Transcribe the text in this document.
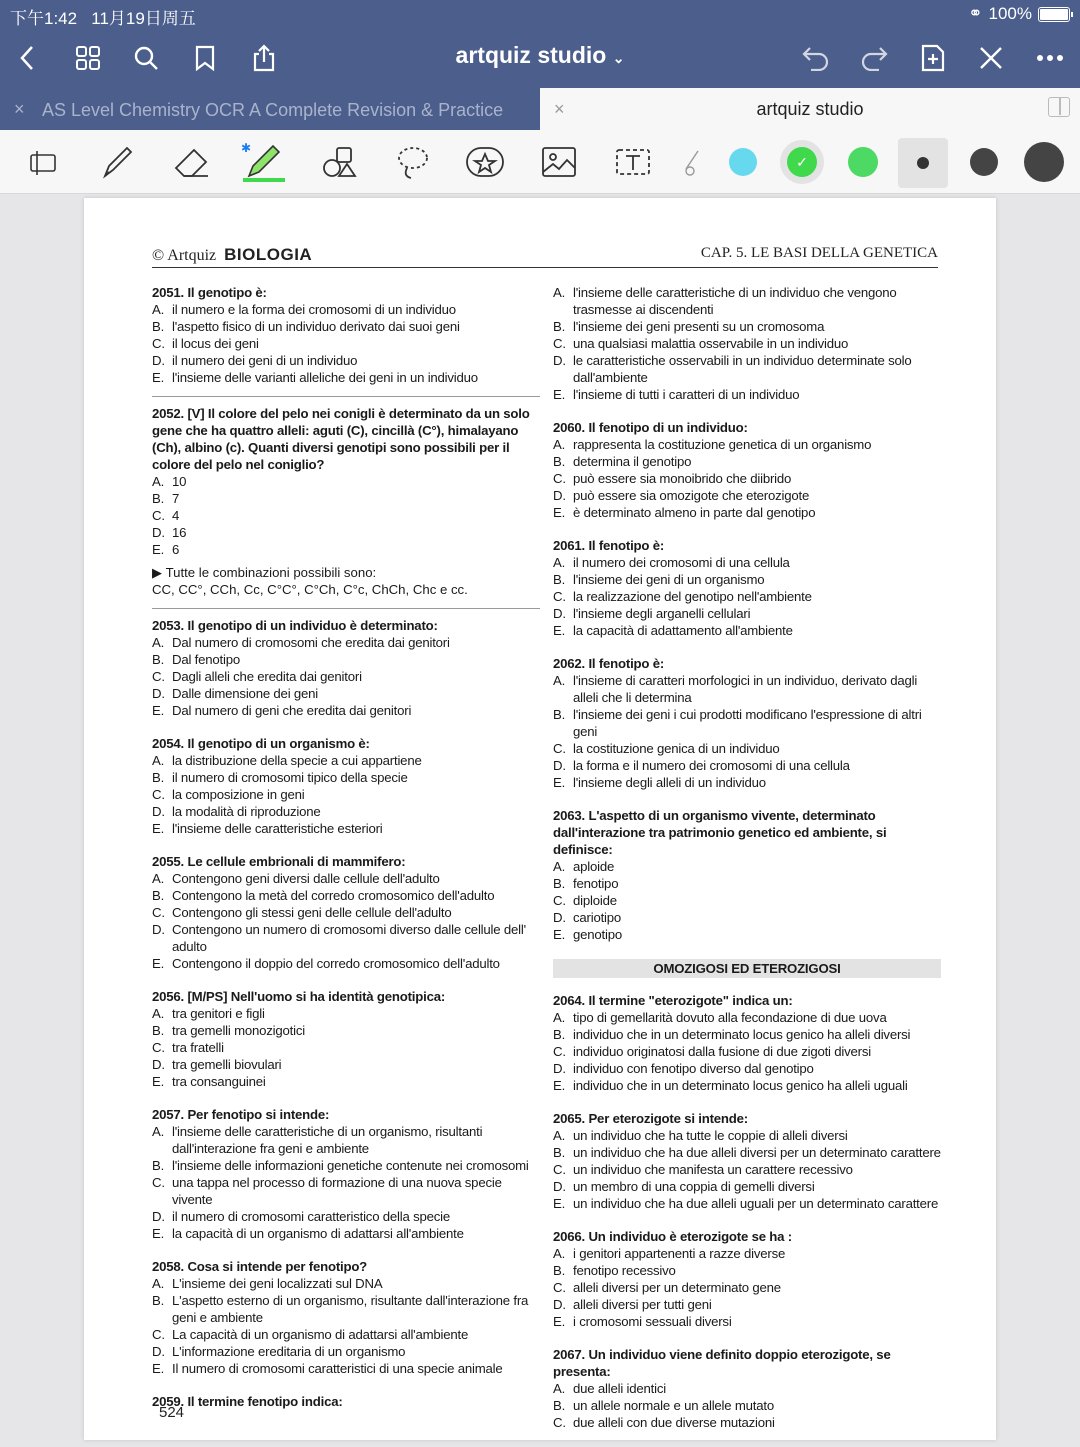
下午1:42 11月19日周五	⚭ 100%
artquiz studio ⌄
× AS Level Chemistry OCR A Complete Revision & Practice	×	artquiz studio
✱
✓
© Artquiz BIOLOGIA	CAP. 5. LE BASI DELLA GENETICA
2051. Il genotipo è:
A. il numero e la forma dei cromosomi di un individuo
B. l'aspetto fisico di un individuo derivato dai suoi geni
C. il locus dei geni
D. il numero dei geni di un individuo
E. l'insieme delle varianti alleliche dei geni in un individuo
2052. [V] Il colore del pelo nei conigli è determinato da un solo gene che ha quattro alleli: aguti (C), cincillà (C°), himalayano (Ch), albino (c). Quanti diversi genotipi sono possibili per il colore del pelo nel coniglio?
A. 10
B. 7
C. 4
D. 16
E. 6
▶ Tutte le combinazioni possibili sono:
CC, CC°, CCh, Cc, C°C°, C°Ch, C°c, ChCh, Chc e cc.
2053. Il genotipo di un individuo è determinato:
A. Dal numero di cromosomi che eredita dai genitori
B. Dal fenotipo
C. Dagli alleli che eredita dai genitori
D. Dalle dimensione dei geni
E. Dal numero di geni che eredita dai genitori
2054. Il genotipo di un organismo è:
A. la distribuzione della specie a cui appartiene
B. il numero di cromosomi tipico della specie
C. la composizione in geni
D. la modalità di riproduzione
E. l'insieme delle caratteristiche esteriori
2055. Le cellule embrionali di mammifero:
A. Contengono geni diversi dalle cellule dell'adulto
B. Contengono la metà del corredo cromosomico dell'adulto
C. Contengono gli stessi geni delle cellule dell'adulto
D. Contengono un numero di cromosomi diverso dalle cellule dell' adulto
E. Contengono il doppio del corredo cromosomico dell'adulto
2056. [M/PS] Nell'uomo si ha identità genotipica:
A. tra genitori e figli
B. tra gemelli monozigotici
C. tra fratelli
D. tra gemelli biovulari
E. tra consanguinei
2057. Per fenotipo si intende:
A. l'insieme delle caratteristiche di un organismo, risultanti dall'interazione fra geni e ambiente
B. l'insieme delle informazioni genetiche contenute nei cromosomi
C. una tappa nel processo di formazione di una nuova specie vivente
D. il numero di cromosomi caratteristico della specie
E. la capacità di un organismo di adattarsi all'ambiente
2058. Cosa si intende per fenotipo?
A. L'insieme dei geni localizzati sul DNA
B. L'aspetto esterno di un organismo, risultante dall'interazione fra geni e ambiente
C. La capacità di un organismo di adattarsi all'ambiente
D. L'informazione ereditaria di un organismo
E. Il numero di cromosomi caratteristici di una specie animale
2059. Il termine fenotipo indica:
A. l'insieme delle caratteristiche di un individuo che vengono trasmesse ai discendenti
B. l'insieme dei geni presenti su un cromosoma
C. una qualsiasi malattia osservabile in un individuo
D. le caratteristiche osservabili in un individuo determinate solo dall'ambiente
E. l'insieme di tutti i caratteri di un individuo
2060. Il fenotipo di un individuo:
A. rappresenta la costituzione genetica di un organismo
B. determina il genotipo
C. può essere sia monoibrido che diibrido
D. può essere sia omozigote che eterozigote
E. è determinato almeno in parte dal genotipo
2061. Il fenotipo è:
A. il numero dei cromosomi di una cellula
B. l'insieme dei geni di un organismo
C. la realizzazione del genotipo nell'ambiente
D. l'insieme degli arganelli cellulari
E. la capacità di adattamento all'ambiente
2062. Il fenotipo è:
A. l'insieme di caratteri morfologici in un individuo, derivato dagli alleli che li determina
B. l'insieme dei geni i cui prodotti modificano l'espressione di altri geni
C. la costituzione genica di un individuo
D. la forma e il numero dei cromosomi di una cellula
E. l'insieme degli alleli di un individuo
2063. L'aspetto di un organismo vivente, determinato dall'interazione tra patrimonio genetico ed ambiente, si definisce:
A. aploide
B. fenotipo
C. diploide
D. cariotipo
E. genotipo
OMOZIGOSI ED ETEROZIGOSI
2064. Il termine "eterozigote" indica un:
A. tipo di gemellarità dovuto alla fecondazione di due uova
B. individuo che in un determinato locus genico ha alleli diversi
C. individuo originatosi dalla fusione di due zigoti diversi
D. individuo con fenotipo diverso dal genotipo
E. individuo che in un determinato locus genico ha alleli uguali
2065. Per eterozigote si intende:
A. un individuo che ha tutte le coppie di alleli diversi
B. un individuo che ha due alleli diversi per un determinato carattere
C. un individuo che manifesta un carattere recessivo
D. un membro di una coppia di gemelli diversi
E. un individuo che ha due alleli uguali per un determinato carattere
2066. Un individuo è eterozigote se ha :
A. i genitori appartenenti a razze diverse
B. fenotipo recessivo
C. alleli diversi per un determinato gene
D. alleli diversi per tutti geni
E. i cromosomi sessuali diversi
2067. Un individuo viene definito doppio eterozigote, se presenta:
A. due alleli identici
B. un allele normale e un allele mutato
C. due alleli con due diverse mutazioni
524
